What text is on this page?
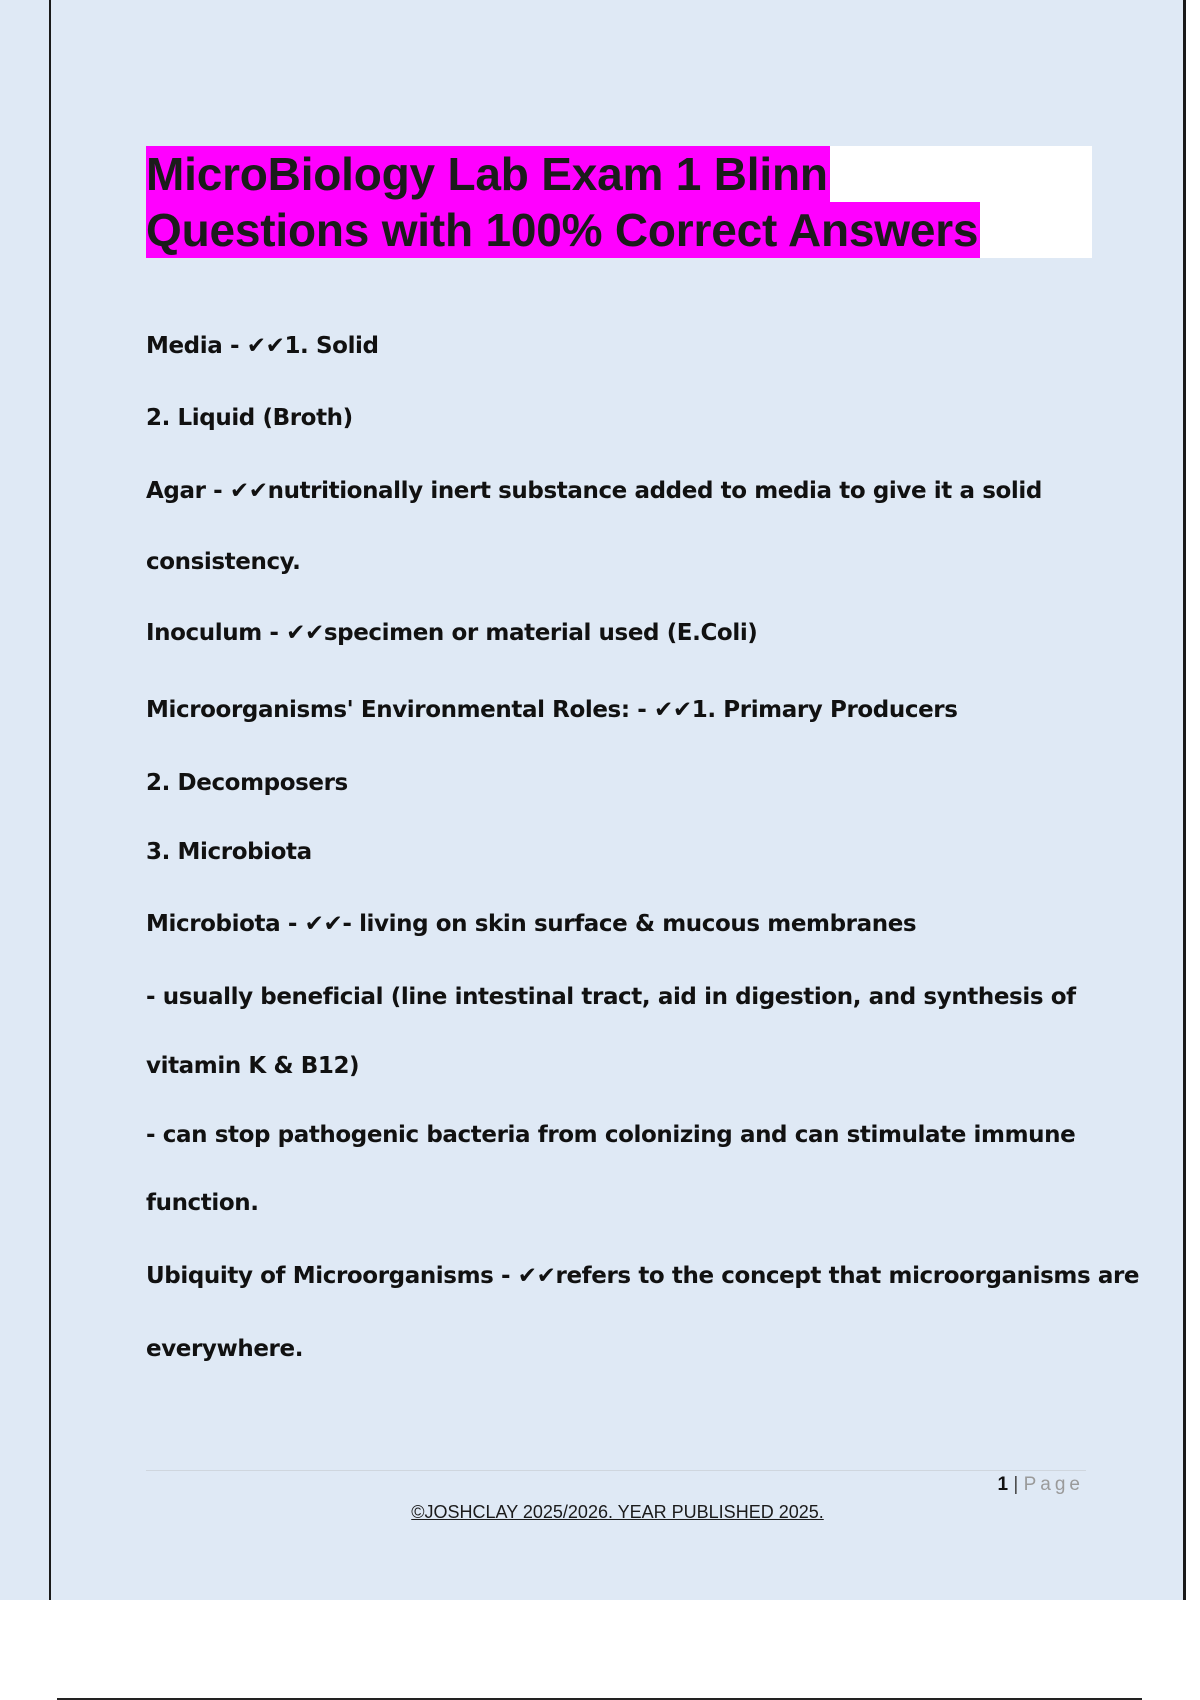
MicroBiology Lab Exam 1 Blinn
Questions with 100% Correct Answers

Media - ✔✔1. Solid

2. Liquid (Broth)

Agar - ✔✔nutritionally inert substance added to media to give it a solid

consistency.

Inoculum - ✔✔specimen or material used (E.Coli)

Microorganisms' Environmental Roles: - ✔✔1. Primary Producers

2. Decomposers

3. Microbiota

Microbiota - ✔✔- living on skin surface & mucous membranes

- usually beneficial (line intestinal tract, aid in digestion, and synthesis of

vitamin K & B12)

- can stop pathogenic bacteria from colonizing and can stimulate immune

function.

Ubiquity of Microorganisms - ✔✔refers to the concept that microorganisms are

everywhere.

1 | Page
©JOSHCLAY 2025/2026. YEAR PUBLISHED 2025.
